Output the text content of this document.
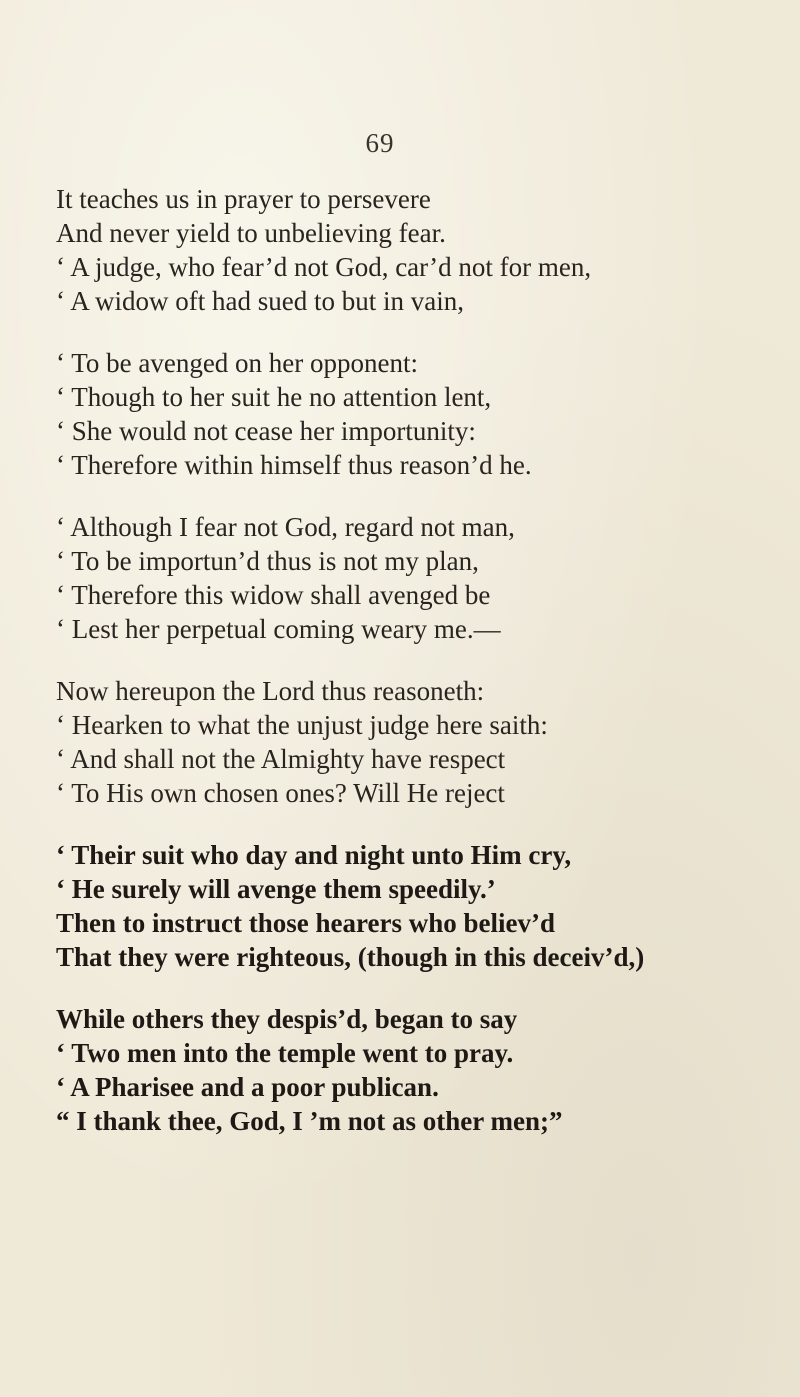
69
It teaches us in prayer to persevere
And never yield to unbelieving fear.
‘ A judge, who fear’d not God, car’d not for men,
‘ A widow oft had sued to but in vain,
‘ To be avenged on her opponent:
‘ Though to her suit he no attention lent,
‘ She would not cease her importunity:
‘ Therefore within himself thus reason’d he.
‘ Although I fear not God, regard not man,
‘ To be importun’d thus is not my plan,
‘ Therefore this widow shall avenged be
‘ Lest her perpetual coming weary me.—
Now hereupon the Lord thus reasoneth:
‘ Hearken to what the unjust judge here saith:
‘ And shall not the Almighty have respect
‘ To His own chosen ones? Will He reject
‘ Their suit who day and night unto Him cry,
‘ He surely will avenge them speedily.’
Then to instruct those hearers who believ’d
That they were righteous, (though in this deceiv’d,)
While others they despis’d, began to say
‘ Two men into the temple went to pray.
‘ A Pharisee and a poor publican.
“ I thank thee, God, I ’m not as other men;”
